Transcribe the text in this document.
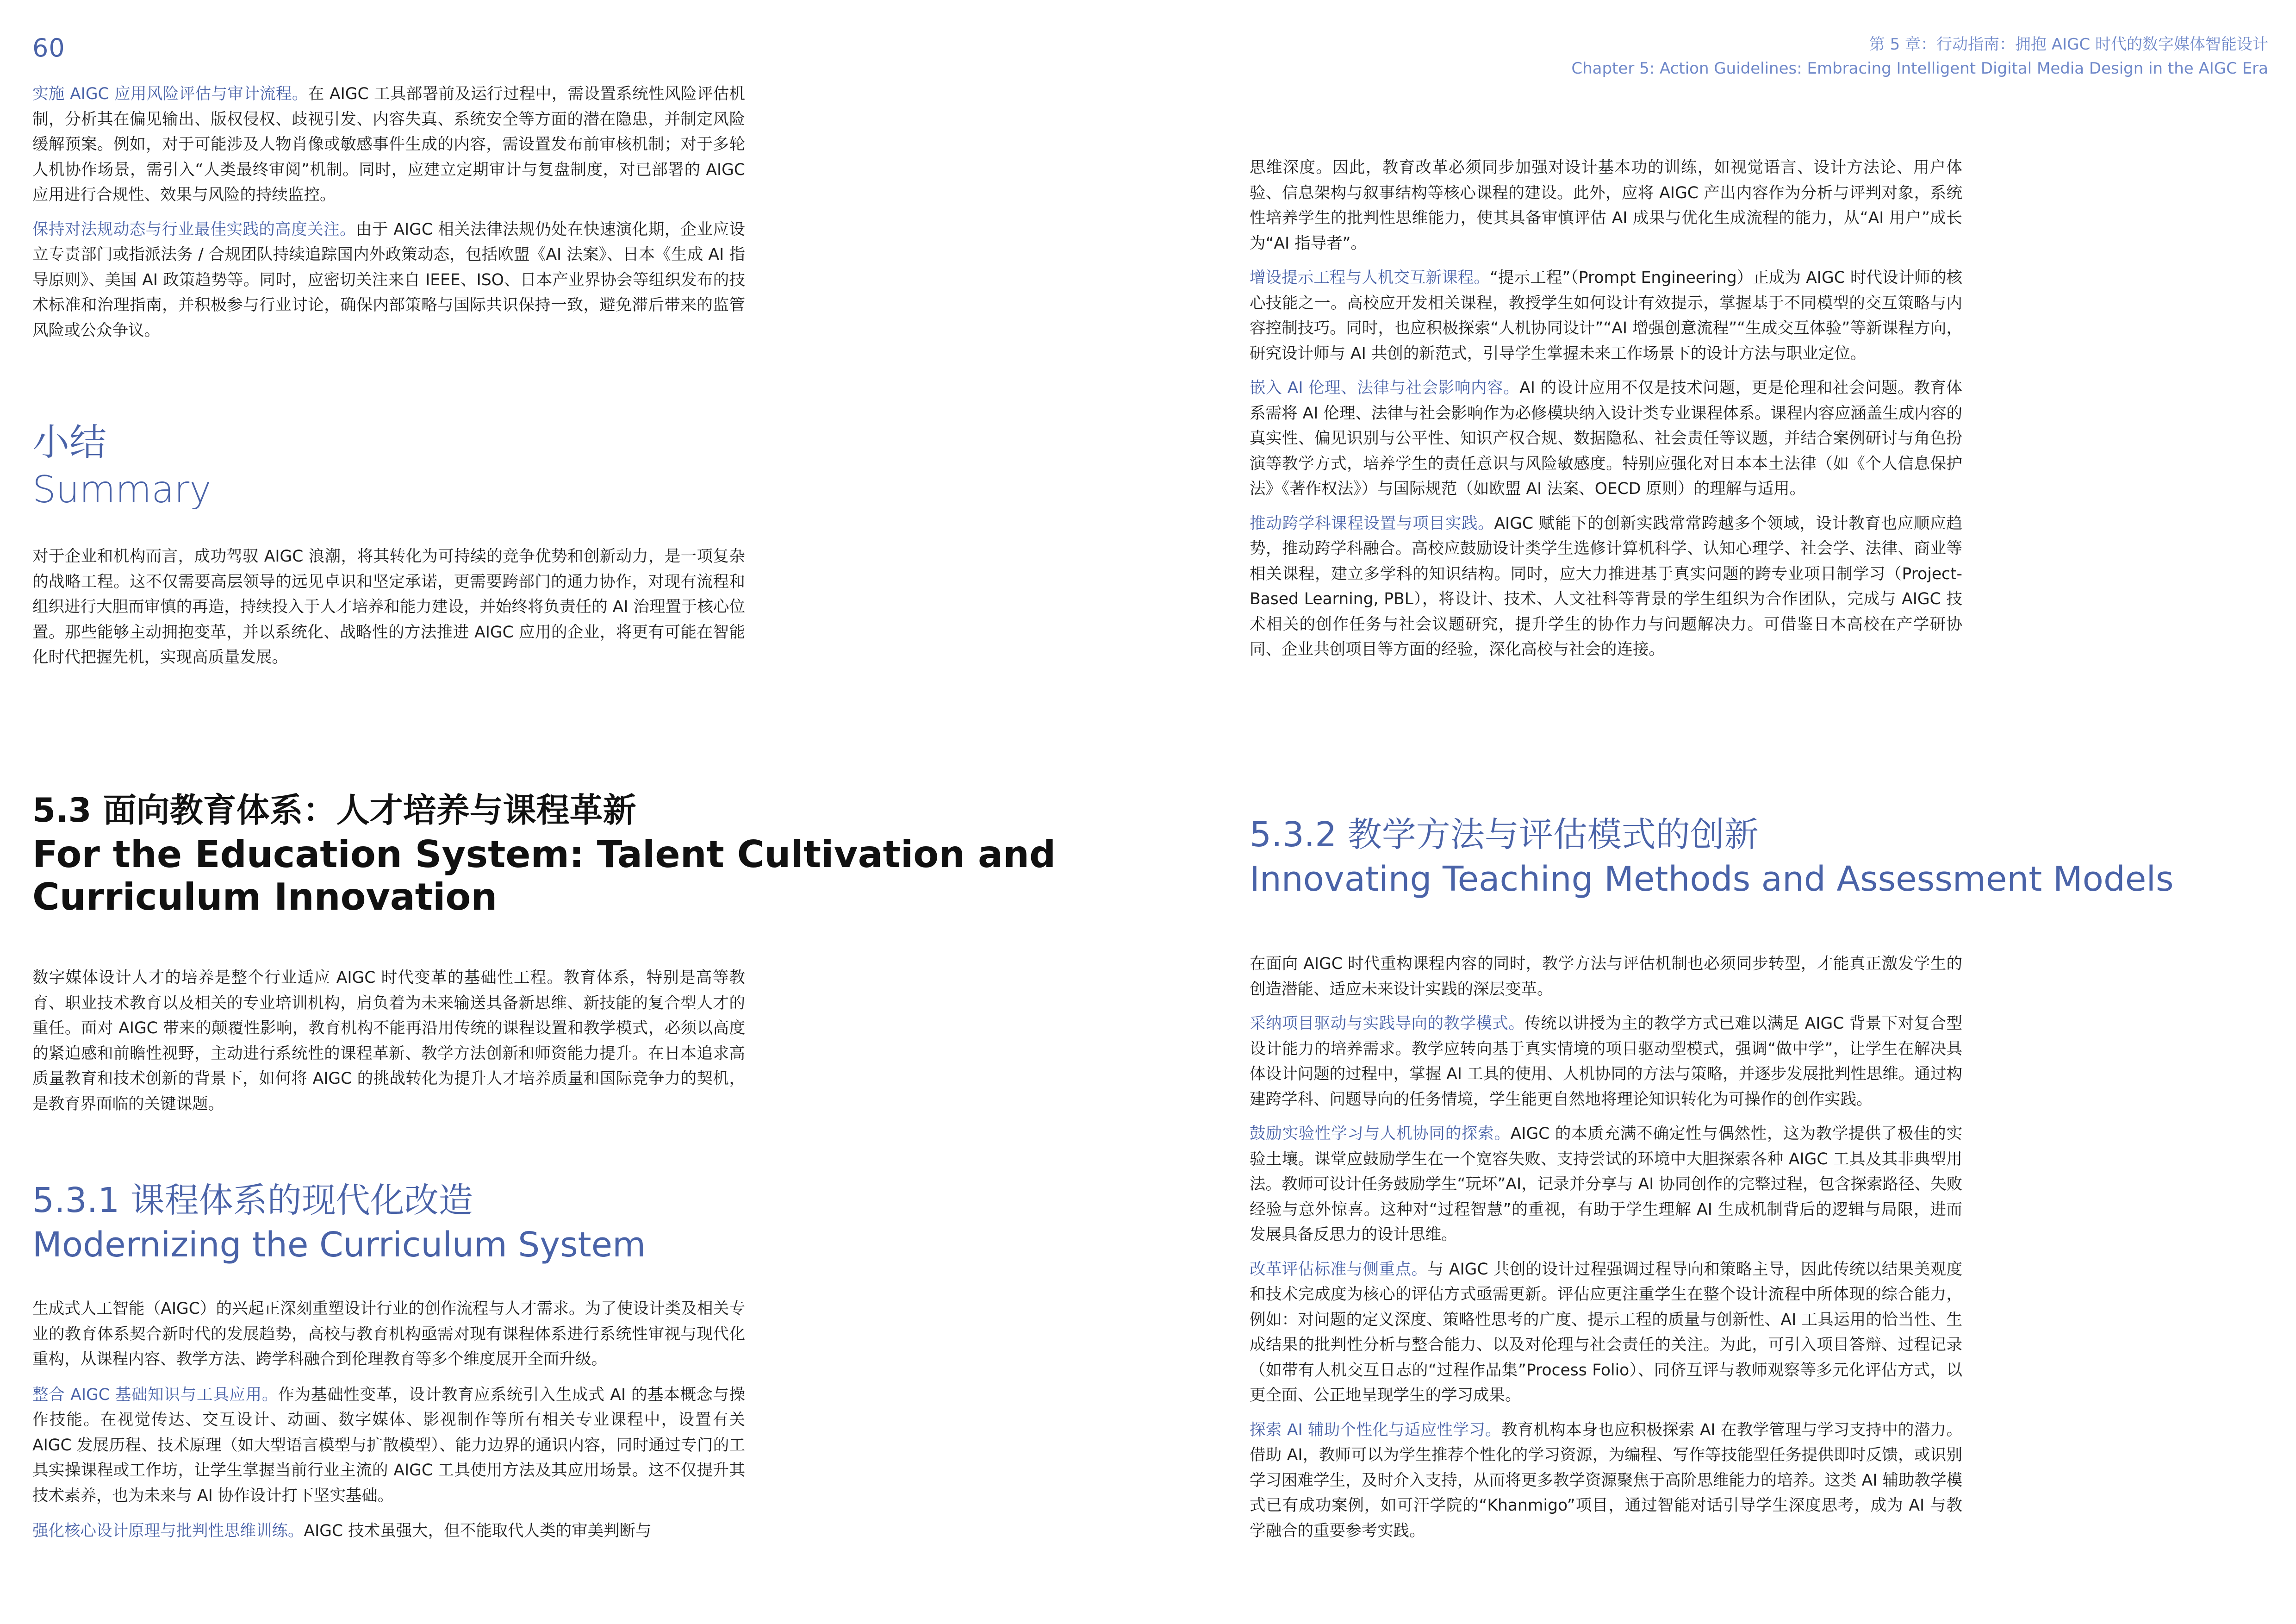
60	第 5 章：行动指南：拥抱 AIGC 时代的数字媒体智能设计
Chapter 5: Action Guidelines: Embracing Intelligent Digital Media Design in the AIGC Era

实施 AIGC 应用风险评估与审计流程。在 AIGC 工具部署前及运行过程中，需设置系统性风险评估机制，分析其在偏见输出、版权侵权、歧视引发、内容失真、系统安全等方面的潜在隐患，并制定风险缓解预案。例如，对于可能涉及人物肖像或敏感事件生成的内容，需设置发布前审核机制；对于多轮人机协作场景，需引入“人类最终审阅”机制。同时，应建立定期审计与复盘制度，对已部署的 AIGC 应用进行合规性、效果与风险的持续监控。

保持对法规动态与行业最佳实践的高度关注。由于 AIGC 相关法律法规仍处在快速演化期，企业应设立专责部门或指派法务 / 合规团队持续追踪国内外政策动态，包括欧盟《AI 法案》、日本《生成 AI 指导原则》、美国 AI 政策趋势等。同时，应密切关注来自 IEEE、ISO、日本产业界协会等组织发布的技术标准和治理指南，并积极参与行业讨论，确保内部策略与国际共识保持一致，避免滞后带来的监管风险或公众争议。

小结
Summary

对于企业和机构而言，成功驾驭 AIGC 浪潮，将其转化为可持续的竞争优势和创新动力，是一项复杂的战略工程。这不仅需要高层领导的远见卓识和坚定承诺，更需要跨部门的通力协作，对现有流程和组织进行大胆而审慎的再造，持续投入于人才培养和能力建设，并始终将负责任的 AI 治理置于核心位置。那些能够主动拥抱变革，并以系统化、战略性的方法推进 AIGC 应用的企业，将更有可能在智能化时代把握先机，实现高质量发展。

5.3 面向教育体系：人才培养与课程革新
For the Education System: Talent Cultivation and
Curriculum Innovation

数字媒体设计人才的培养是整个行业适应 AIGC 时代变革的基础性工程。教育体系，特别是高等教育、职业技术教育以及相关的专业培训机构，肩负着为未来输送具备新思维、新技能的复合型人才的重任。面对 AIGC 带来的颠覆性影响，教育机构不能再沿用传统的课程设置和教学模式，必须以高度的紧迫感和前瞻性视野，主动进行系统性的课程革新、教学方法创新和师资能力提升。在日本追求高质量教育和技术创新的背景下，如何将 AIGC 的挑战转化为提升人才培养质量和国际竞争力的契机，是教育界面临的关键课题。

5.3.1 课程体系的现代化改造
Modernizing the Curriculum System

生成式人工智能（AIGC）的兴起正深刻重塑设计行业的创作流程与人才需求。为了使设计类及相关专业的教育体系契合新时代的发展趋势，高校与教育机构亟需对现有课程体系进行系统性审视与现代化重构，从课程内容、教学方法、跨学科融合到伦理教育等多个维度展开全面升级。

整合 AIGC 基础知识与工具应用。作为基础性变革，设计教育应系统引入生成式 AI 的基本概念与操作技能。在视觉传达、交互设计、动画、数字媒体、影视制作等所有相关专业课程中，设置有关 AIGC 发展历程、技术原理（如大型语言模型与扩散模型）、能力边界的通识内容，同时通过专门的工具实操课程或工作坊，让学生掌握当前行业主流的 AIGC 工具使用方法及其应用场景。这不仅提升其技术素养，也为未来与 AI 协作设计打下坚实基础。

强化核心设计原理与批判性思维训练。AIGC 技术虽强大，但不能取代人类的审美判断与

思维深度。因此，教育改革必须同步加强对设计基本功的训练，如视觉语言、设计方法论、用户体验、信息架构与叙事结构等核心课程的建设。此外，应将 AIGC 产出内容作为分析与评判对象，系统性培养学生的批判性思维能力，使其具备审慎评估 AI 成果与优化生成流程的能力，从“AI 用户”成长为“AI 指导者”。

增设提示工程与人机交互新课程。“提示工程”（Prompt Engineering）正成为 AIGC 时代设计师的核心技能之一。高校应开发相关课程，教授学生如何设计有效提示，掌握基于不同模型的交互策略与内容控制技巧。同时，也应积极探索“人机协同设计”“AI 增强创意流程”“生成交互体验”等新课程方向，研究设计师与 AI 共创的新范式，引导学生掌握未来工作场景下的设计方法与职业定位。

嵌入 AI 伦理、法律与社会影响内容。AI 的设计应用不仅是技术问题，更是伦理和社会问题。教育体系需将 AI 伦理、法律与社会影响作为必修模块纳入设计类专业课程体系。课程内容应涵盖生成内容的真实性、偏见识别与公平性、知识产权合规、数据隐私、社会责任等议题，并结合案例研讨与角色扮演等教学方式，培养学生的责任意识与风险敏感度。特别应强化对日本本土法律（如《个人信息保护法》《著作权法》）与国际规范（如欧盟 AI 法案、OECD 原则）的理解与适用。

推动跨学科课程设置与项目实践。AIGC 赋能下的创新实践常常跨越多个领域，设计教育也应顺应趋势，推动跨学科融合。高校应鼓励设计类学生选修计算机科学、认知心理学、社会学、法律、商业等相关课程，建立多学科的知识结构。同时，应大力推进基于真实问题的跨专业项目制学习（Project-Based Learning, PBL），将设计、技术、人文社科等背景的学生组织为合作团队，完成与 AIGC 技术相关的创作任务与社会议题研究，提升学生的协作力与问题解决力。可借鉴日本高校在产学研协同、企业共创项目等方面的经验，深化高校与社会的连接。

5.3.2 教学方法与评估模式的创新
Innovating Teaching Methods and Assessment Models

在面向 AIGC 时代重构课程内容的同时，教学方法与评估机制也必须同步转型，才能真正激发学生的创造潜能、适应未来设计实践的深层变革。

采纳项目驱动与实践导向的教学模式。传统以讲授为主的教学方式已难以满足 AIGC 背景下对复合型设计能力的培养需求。教学应转向基于真实情境的项目驱动型模式，强调“做中学”，让学生在解决具体设计问题的过程中，掌握 AI 工具的使用、人机协同的方法与策略，并逐步发展批判性思维。通过构建跨学科、问题导向的任务情境，学生能更自然地将理论知识转化为可操作的创作实践。

鼓励实验性学习与人机协同的探索。AIGC 的本质充满不确定性与偶然性，这为教学提供了极佳的实验土壤。课堂应鼓励学生在一个宽容失败、支持尝试的环境中大胆探索各种 AIGC 工具及其非典型用法。教师可设计任务鼓励学生“玩坏”AI，记录并分享与 AI 协同创作的完整过程，包含探索路径、失败经验与意外惊喜。这种对“过程智慧”的重视，有助于学生理解 AI 生成机制背后的逻辑与局限，进而发展具备反思力的设计思维。

改革评估标准与侧重点。与 AIGC 共创的设计过程强调过程导向和策略主导，因此传统以结果美观度和技术完成度为核心的评估方式亟需更新。评估应更注重学生在整个设计流程中所体现的综合能力，例如：对问题的定义深度、策略性思考的广度、提示工程的质量与创新性、AI 工具运用的恰当性、生成结果的批判性分析与整合能力、以及对伦理与社会责任的关注。为此，可引入项目答辩、过程记录（如带有人机交互日志的“过程作品集”Process Folio）、同侪互评与教师观察等多元化评估方式，以更全面、公正地呈现学生的学习成果。

探索 AI 辅助个性化与适应性学习。教育机构本身也应积极探索 AI 在教学管理与学习支持中的潜力。借助 AI，教师可以为学生推荐个性化的学习资源，为编程、写作等技能型任务提供即时反馈，或识别学习困难学生，及时介入支持，从而将更多教学资源聚焦于高阶思维能力的培养。这类 AI 辅助教学模式已有成功案例，如可汗学院的“Khanmigo”项目，通过智能对话引导学生深度思考，成为 AI 与教学融合的重要参考实践。
